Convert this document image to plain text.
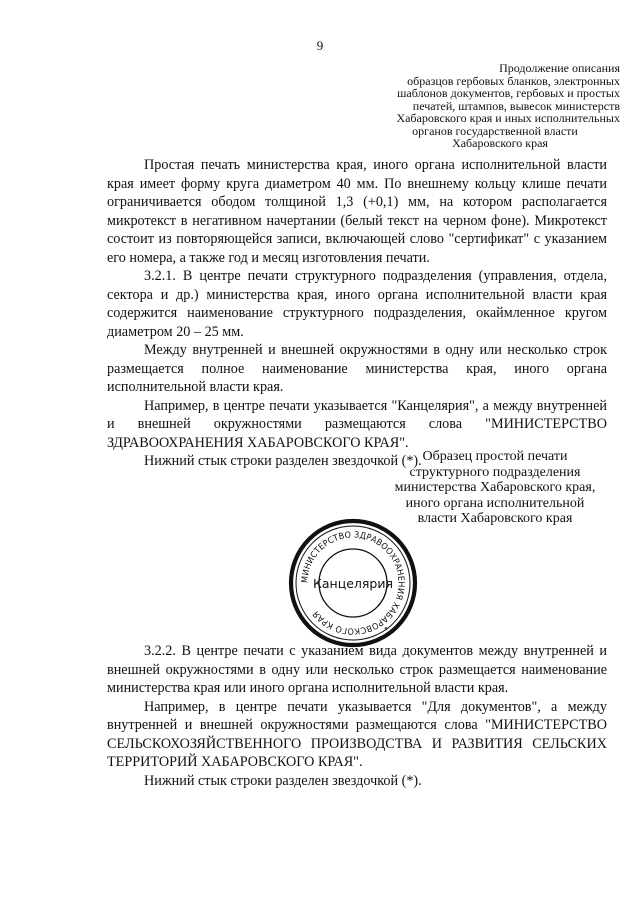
9
Продолжение описания
образцов гербовых бланков, электронных
шаблонов документов, гербовых и простых
печатей, штампов, вывесок министерств
Хабаровского края и иных исполнительных
органов государственной власти
Хабаровского края

Простая печать министерства края, иного органа исполнительной власти края имеет форму круга диаметром 40 мм. По внешнему кольцу клише печати ограничивается ободом толщиной 1,3 (+0,1) мм, на котором располагается микротекст в негативном начертании (белый текст на черном фоне). Микротекст состоит из повторяющейся записи, включающей слово "сертификат" с указанием его номера, а также год и месяц изготовления печати.

3.2.1. В центре печати структурного подразделения (управления, отдела, сектора и др.) министерства края, иного органа исполнительной власти края содержится наименование структурного подразделения, окаймленное кругом диаметром 20 – 25 мм.

Между внутренней и внешней окружностями в одну или несколько строк размещается полное наименование министерства края, иного органа исполнительной власти края.

Например, в центре печати указывается "Канцелярия", а между внутренней и внешней окружностями размещаются слова "МИНИСТЕРСТВО ЗДРАВООХРАНЕНИЯ ХАБАРОВСКОГО КРАЯ".

Нижний стык строки разделен звездочкой (*). Образец простой печати
структурного подразделения
министерства Хабаровского края,
иного органа исполнительной
власти Хабаровского края
МИНИСТЕРСТВО ЗДРАВООХРАНЕНИЯ ХАБАРОВСКОГО КРАЯ
*
Канцелярия

3.2.2. В центре печати с указанием вида документов между внутренней и внешней окружностями в одну или несколько строк размещается наименование министерства края или иного органа исполнительной власти края.

Например, в центре печати указывается "Для документов", а между внутренней и внешней окружностями размещаются слова "МИНИСТЕРСТВО СЕЛЬСКОХОЗЯЙСТВЕННОГО ПРОИЗВОДСТВА И РАЗВИТИЯ СЕЛЬСКИХ ТЕРРИТОРИЙ ХАБАРОВСКОГО КРАЯ".

Нижний стык строки разделен звездочкой (*).
